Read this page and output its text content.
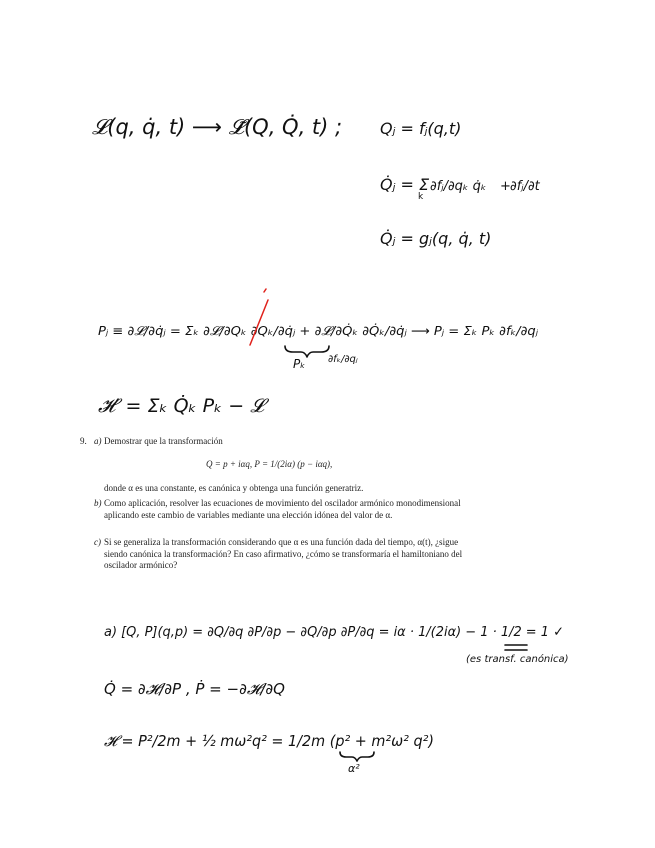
𝓛(q, q̇, t) ⟶ 𝓛̃(Q, Q̇, t) ; Qⱼ = fⱼ(q,t)
Q̇ⱼ = Σ
k
∂fⱼ/∂qₖ q̇ₖ + ∂fⱼ/∂t
Q̇ⱼ = gⱼ(q, q̇, t)
Pⱼ ≡ ∂𝓛/∂q̇ⱼ = Σₖ ∂𝓛/∂Qₖ ∂Qₖ/∂q̇ⱼ + ∂𝓛/∂Q̇ₖ ∂Q̇ₖ/∂q̇ⱼ ⟶ Pⱼ = Σₖ Pₖ ∂fₖ/∂qⱼ
Pₖ ∂fₖ/∂qⱼ
𝓗′ = Σₖ Q̇ₖ Pₖ − 𝓛
a) [Q, P](q,p) = ∂Q/∂q ∂P/∂p − ∂Q/∂p ∂P/∂q = iα · 1/(2iα) − 1 · 1/2 = 1 ✓
(es transf. canónica)
Q̇ = ∂𝓗/∂P , Ṗ = −∂𝓗/∂Q
𝓗 = P²/2m + ½ mω²q² = 1/2m (p² + m²ω² q²)
α²
9. a) Demostrar que la transformación
Q = p + iαq, P = 1/(2iα) (p − iαq),
donde α es una constante, es canónica y obtenga una función generatriz.
b) Como aplicación, resolver las ecuaciones de movimiento del oscilador armónico monodimensional aplicando este cambio de variables mediante una elección idónea del valor de α.
c) Si se generaliza la transformación considerando que α es una función dada del tiempo, α(t), ¿sigue siendo canónica la transformación? En caso afirmativo, ¿cómo se transformaría el hamiltoniano del oscilador armónico?
